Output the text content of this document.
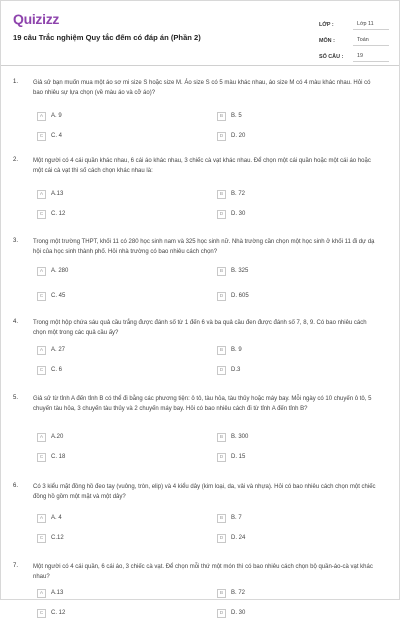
Quizizz
19 câu Trắc nghiệm Quy tắc đếm có đáp án (Phần 2)
LỚP :	Lớp 11
MÔN :	Toán
SỐ CÂU :	19
1. Giả sử bạn muốn mua một áo sơ mi size S hoặc size M. Áo size S có 5 màu khác nhau, áo size M có 4 màu khác nhau. Hỏi có bao nhiêu sự lựa chọn (về màu áo và cỡ áo)?
A	A. 9	B	B. 5
C	C. 4	D	D. 20
2. Một người có 4 cái quần khác nhau, 6 cái áo khác nhau, 3 chiếc cà vạt khác nhau. Để chọn một cái quần hoặc một cái áo hoặc một cái cà vạt thì số cách chọn khác nhau là:
A	A.13	B	B. 72
C	C. 12	D	D. 30
3. Trong một trường THPT, khối 11 có 280 học sinh nam và 325 học sinh nữ. Nhà trường cần chọn một học sinh ở khối 11 đi dự dạ hội của học sinh thành phố. Hỏi nhà trường có bao nhiêu cách chọn?
A	A. 280	B	B. 325
C	C. 45	D	D. 605
4. Trong một hộp chứa sáu quả cầu trắng được đánh số từ 1 đến 6 và ba quả cầu đen được đánh số 7, 8, 9. Có bao nhiêu cách chọn một trong các quả cầu ấy?
A	A. 27	B	B. 9
C	C. 6	D	D.3
5. Giả sử từ tỉnh A đến tỉnh B có thể đi bằng các phương tiện: ô tô, tàu hỏa, tàu thủy hoặc máy bay. Mỗi ngày có 10 chuyến ô tô, 5 chuyến tàu hỏa, 3 chuyến tàu thủy và 2 chuyến máy bay. Hỏi có bao nhiêu cách đi từ tỉnh A đến tỉnh B?
A	A.20	B	B. 300
C	C. 18	D	D. 15
6. Có 3 kiểu mặt đồng hồ đeo tay (vuông, tròn, elip) và 4 kiểu dây (kim loại, da, vải và nhựa). Hỏi có bao nhiêu cách chọn một chiếc đồng hồ gồm một mặt và một dây?
A	A. 4	B	B. 7
C	C.12	D	D. 24
7. Một người có 4 cái quần, 6 cái áo, 3 chiếc cà vạt. Để chọn mỗi thứ một món thì có bao nhiêu cách chọn bộ quần-áo-cà vạt khác nhau?
A	A.13	B	B. 72
C	C. 12	D	D. 30
